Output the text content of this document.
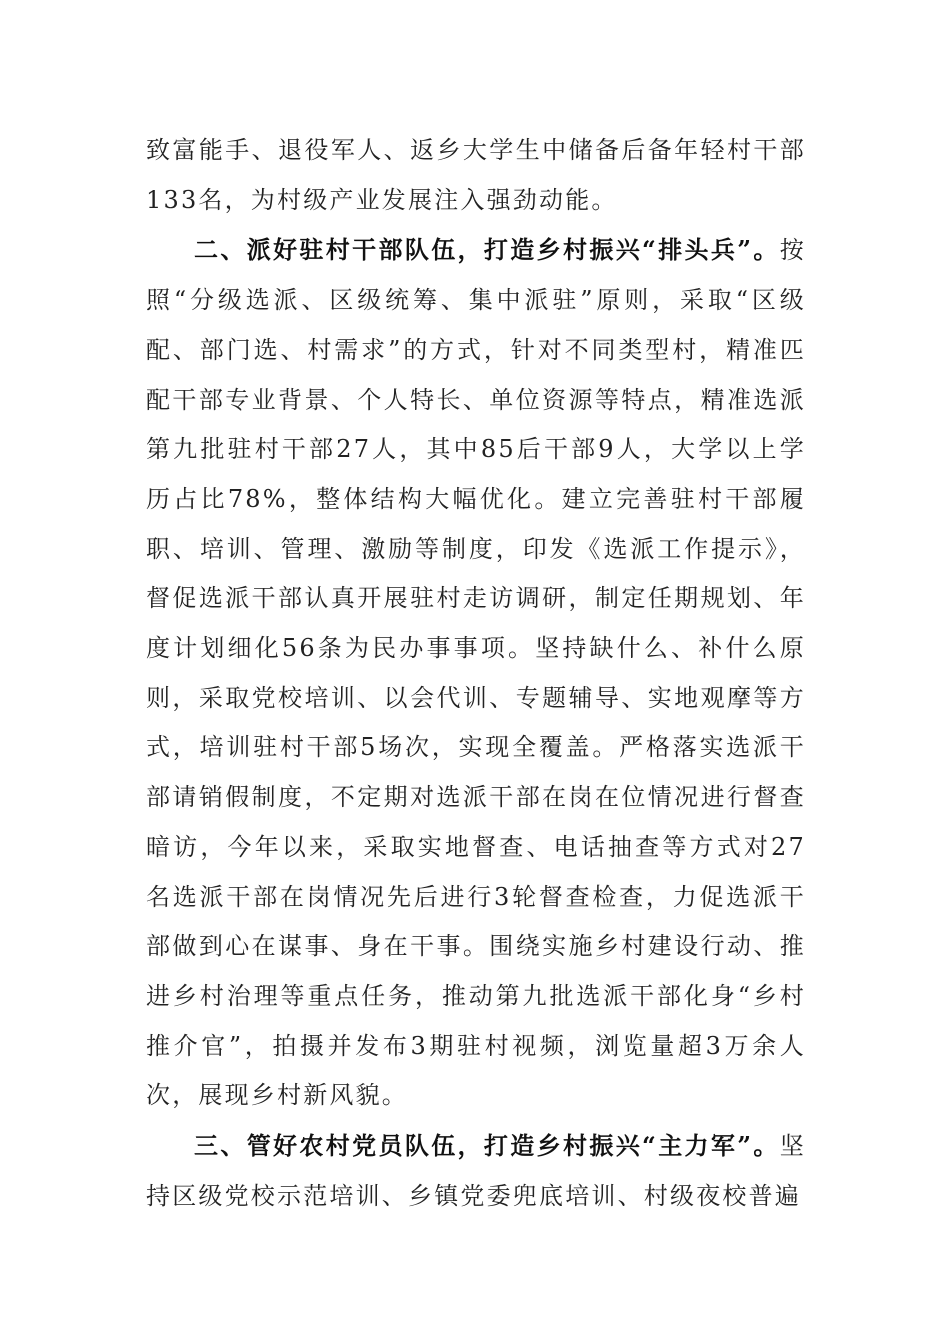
致富能手、退役军人、返乡大学生中储备后备年轻村干部133名，为村级产业发展注入强劲动能。

二、派好驻村干部队伍，打造乡村振兴“排头兵”。按照“分级选派、区级统筹、集中派驻”原则，采取“区级配、部门选、村需求”的方式，针对不同类型村，精准匹配干部专业背景、个人特长、单位资源等特点，精准选派第九批驻村干部27人，其中85后干部9人，大学以上学历占比78%，整体结构大幅优化。建立完善驻村干部履职、培训、管理、激励等制度，印发《选派工作提示》，督促选派干部认真开展驻村走访调研，制定任期规划、年度计划细化56条为民办事事项。坚持缺什么、补什么原则，采取党校培训、以会代训、专题辅导、实地观摩等方式，培训驻村干部5场次，实现全覆盖。严格落实选派干部请销假制度，不定期对选派干部在岗在位情况进行督查暗访，今年以来，采取实地督查、电话抽查等方式对27名选派干部在岗情况先后进行3轮督查检查，力促选派干部做到心在谋事、身在干事。围绕实施乡村建设行动、推进乡村治理等重点任务，推动第九批选派干部化身“乡村推介官”，拍摄并发布3期驻村视频，浏览量超3万余人次，展现乡村新风貌。

三、管好农村党员队伍，打造乡村振兴“主力军”。坚持区级党校示范培训、乡镇党委兜底培训、村级夜校普遍
